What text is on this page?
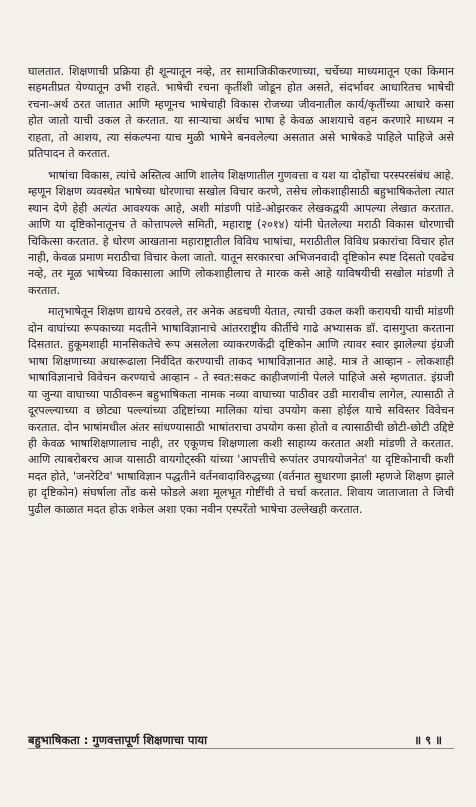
घालतात. शिक्षणाची प्रक्रिया ही शून्यातून नव्हे, तर सामाजिकीकरणाच्या, चर्चेच्या माध्यमातून एका किमान सहमतीप्रत येण्यातून उभी राहते. भाषेची रचना कृतींशी जोडून होत असते, संदर्भावर आधारितच भाषेची रचना-अर्थ ठरत जातात आणि म्हणूनच भाषेचाही विकास रोजच्या जीवनातील कार्य/कृतींच्या आधारे कसा होत जातो याची उकल ते करतात. या साऱ्याचा अर्थच भाषा हे केवळ आशयाचे वहन करणारे माध्यम न राहता, तो आशय, त्या संकल्पना याच मुळी भाषेने बनवलेल्या असतात असे भाषेकडे पाहिले पाहिजे असे प्रतिपादन ते करतात.

भाषांचा विकास, त्यांचे अस्तित्व आणि शालेय शिक्षणातील गुणवत्ता व यश या दोहोंचा परस्परसंबंध आहे. म्हणून शिक्षण व्यवस्थेत भाषेच्या धोरणाचा सखोल विचार करणे, तसेच लोकशाहीसाठी बहुभाषिकतेला त्यात स्थान देणे हेही अत्यंत आवश्यक आहे, अशी मांडणी पांडे-ओझरकर लेखकद्वयी आपल्या लेखात करतात. आणि या दृष्टिकोनातूनच ते कोत्तापल्ले समिती, महाराष्ट्र (२०१४) यांनी घेतलेल्या मराठी विकास धोरणाची चिकित्सा करतात. हे धोरण आखताना महाराष्ट्रातील विविध भाषांचा, मराठीतील विविध प्रकारांचा विचार होत नाही, केवळ प्रमाण मराठीचा विचार केला जातो. यातून सरकारचा अभिजनवादी दृष्टिकोन स्पष्ट दिसतो एवढेच नव्हे, तर मूळ भाषेच्या विकासाला आणि लोकशाहीलाच ते मारक कसे आहे याविषयीची सखोल मांडणी ते करतात.

मातृभाषेतून शिक्षण द्यायचे ठरवले, तर अनेक अडचणी येतात, त्याची उकल कशी करायची याची मांडणी दोन वाघांच्या रूपकाच्या मदतीने भाषाविज्ञानाचे आंतरराष्ट्रीय कीर्तीचे गाढे अभ्यासक डॉ. दासगुप्ता करताना दिसतात. हुकूमशाही मानसिकतेचे रूप असलेला व्याकरणकेंद्री दृष्टिकोन आणि त्यावर स्वार झालेल्या इंग्रजी भाषा शिक्षणाच्या अधारूढाला निर्वंदित करण्याची ताकद भाषाविज्ञानात आहे. मात्र ते आव्हान - लोकशाही भाषाविज्ञानाचे विवेचन करण्याचे आव्हान - ते स्वत:सकट काहीजणांनी पेलले पाहिजे असे म्हणतात. इंग्रजी या जुन्या वाघाच्या पाठीवरून बहुभाषिकता नामक नव्या वाघाच्या पाठीवर उडी मारावीच लागेल, त्यासाठी ते दूरपल्ल्याच्या व छोट्या पल्ल्यांच्या उद्दिष्टांच्या मालिका यांचा उपयोग कसा होईल याचे सविस्तर विवेचन करतात. दोन भाषांमधील अंतर सांधण्यासाठी भाषांतराचा उपयोग कसा होतो व त्यासाठीची छोटी-छोटी उद्दिष्टे ही केवळ भाषाशिक्षणालाच नाही, तर एकूणच शिक्षणाला कशी साहाय्य करतात अशी मांडणी ते करतात. आणि त्याबरोबरच आज यासाठी वायगोट्स्की यांच्या 'आपत्तीचे रूपांतर उपाययोजनेत' या दृष्टिकोनाची कशी मदत होते, 'जनरेटिव' भाषाविज्ञान पद्धतीने वर्तनवादाविरुद्धच्या (वर्तनात सुधारणा झाली म्हणजे शिक्षण झाले हा दृष्टिकोन) संघर्षाला तोंड कसे फोडले अशा मूलभूत गोष्टींची ते चर्चा करतात. शिवाय जाताजाता ते जिची पुढील काळात मदत होऊ शकेल अशा एका नवीन एस्परँतो भाषेचा उल्लेखही करतात.

बहुभाषिकता : गुणवत्तापूर्ण शिक्षणाचा पाया	॥ ९ ॥
